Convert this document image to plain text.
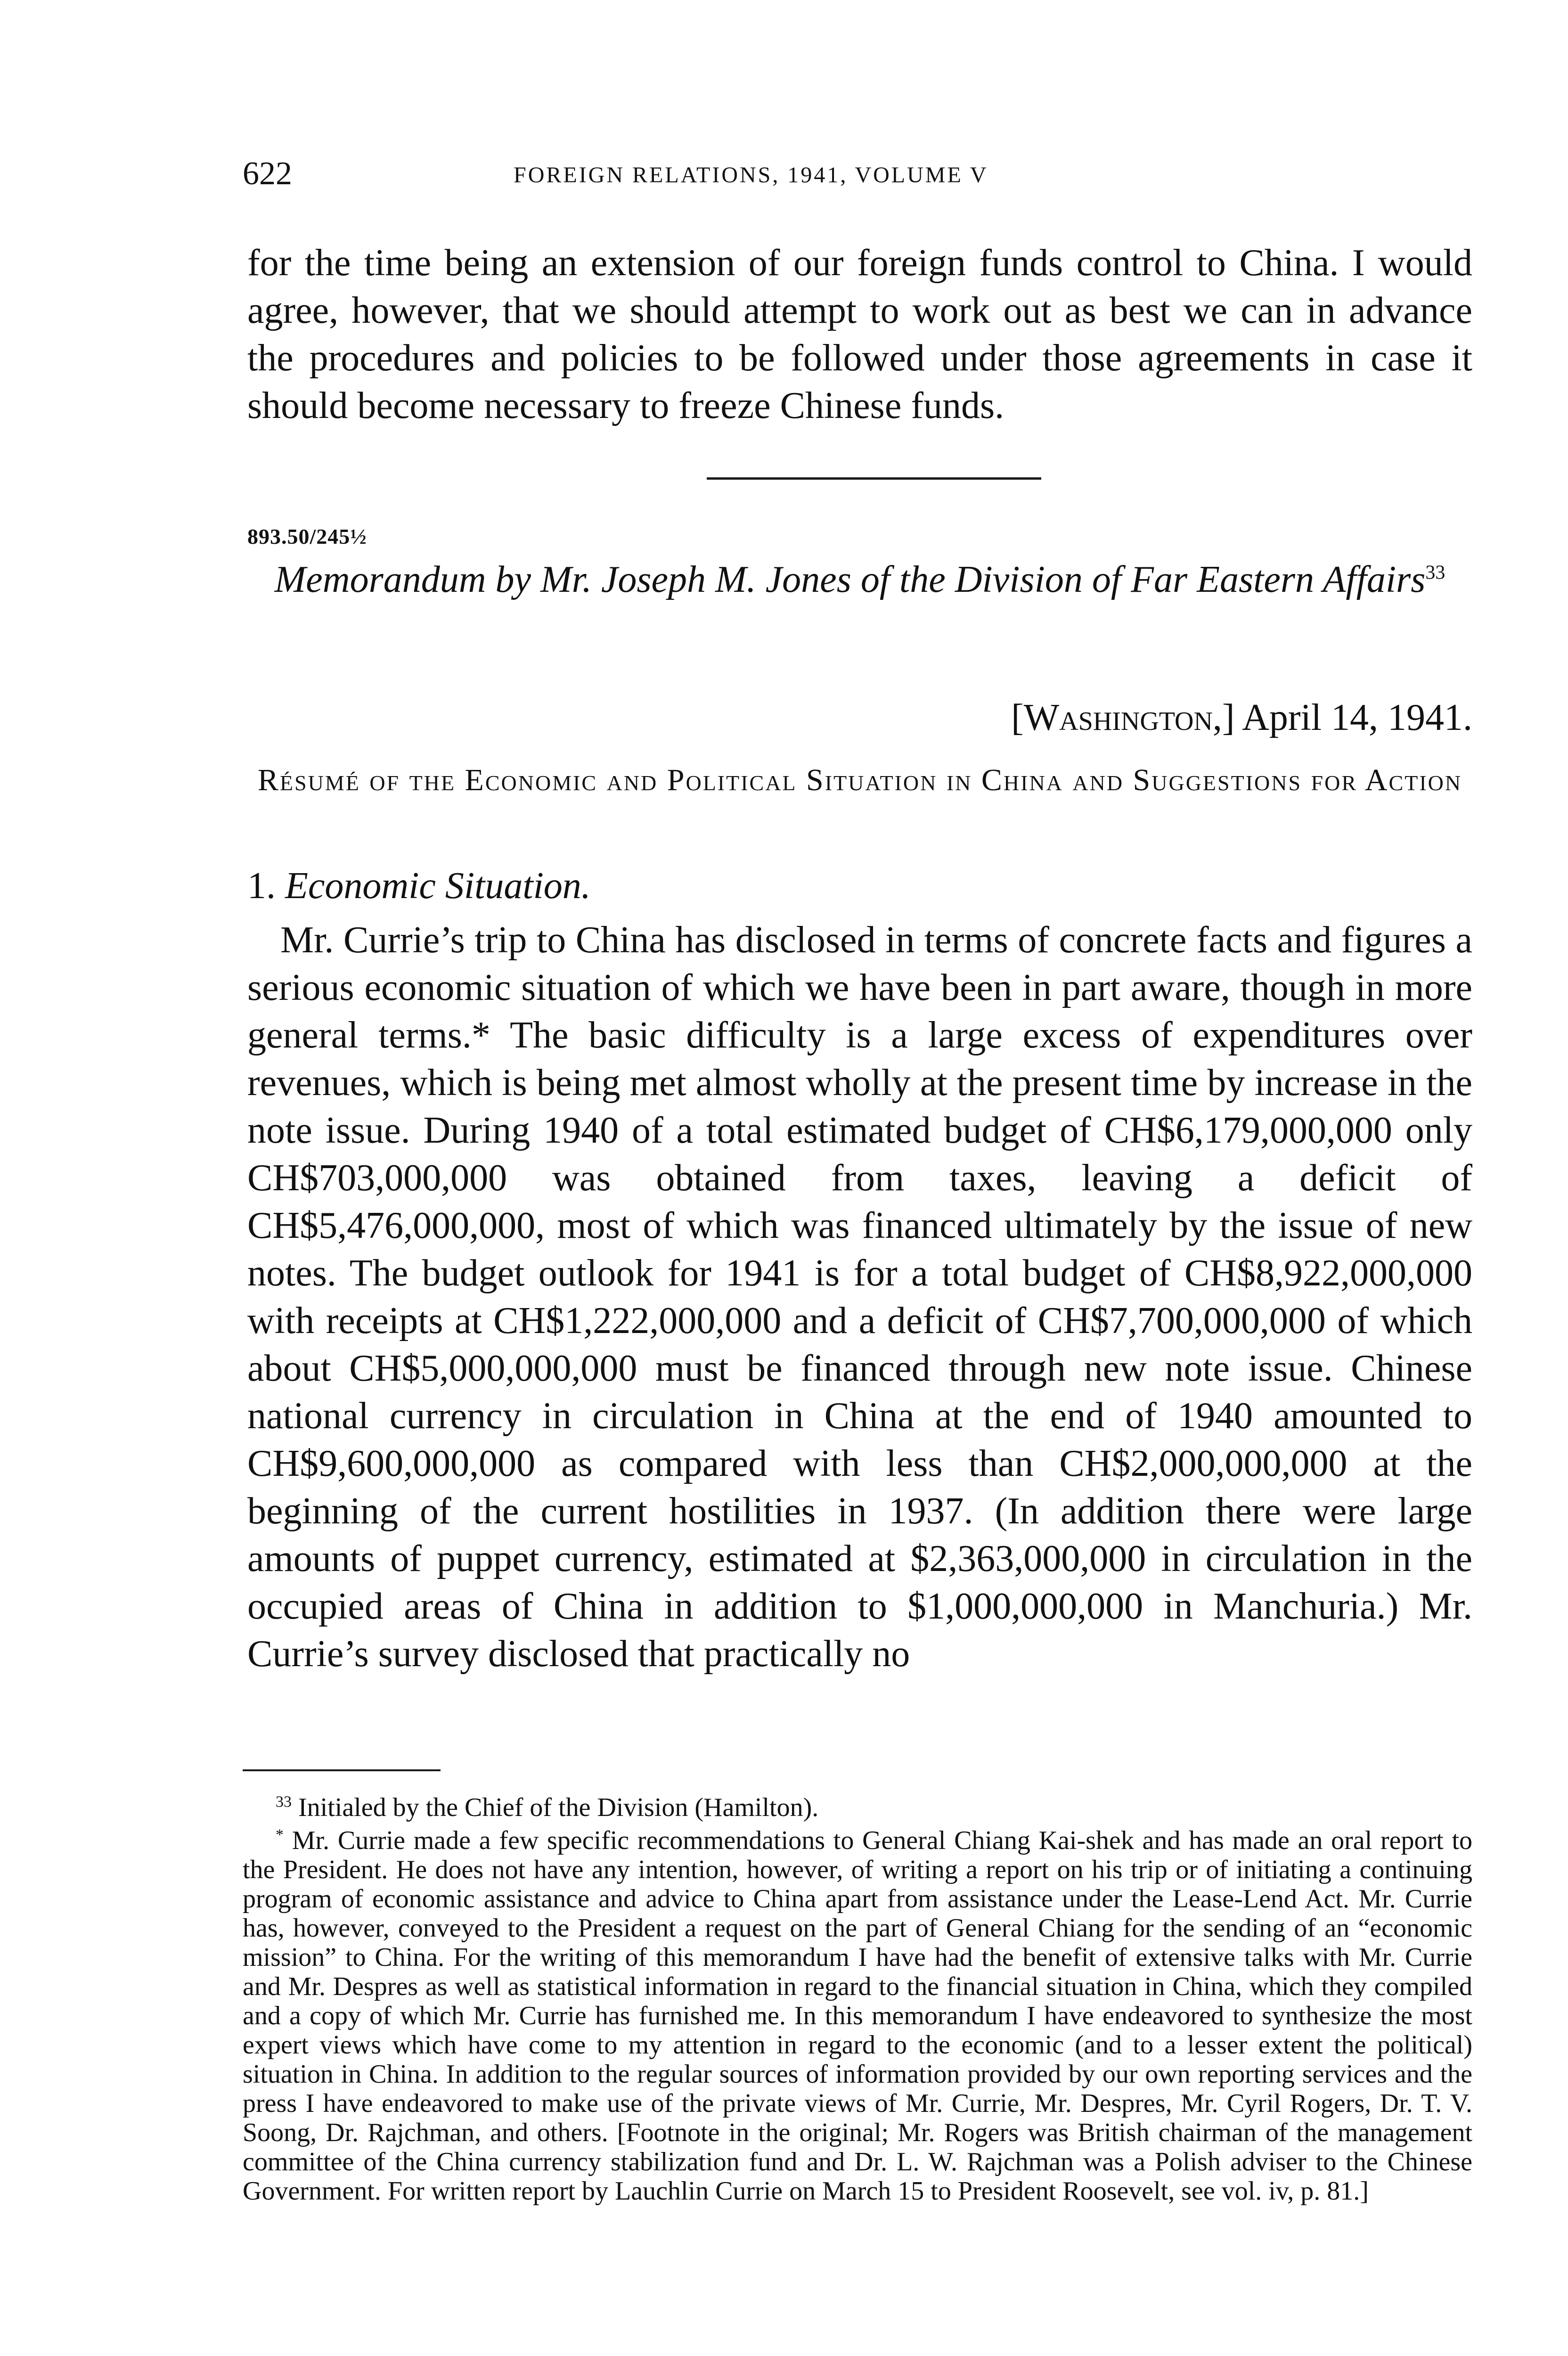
622	FOREIGN RELATIONS, 1941, VOLUME V

for the time being an extension of our foreign funds control to China. I would agree, however, that we should attempt to work out as best we can in advance the procedures and policies to be followed under those agreements in case it should become necessary to freeze Chinese funds.

893.50/245½
Memorandum by Mr. Joseph M. Jones of the Division of Far Eastern Affairs$^{33}$
[Washington,] April 14, 1941.
Résumé of the Economic and Political Situation in China and Suggestions for Action
1. Economic Situation.

Mr. Currie’s trip to China has disclosed in terms of concrete facts and figures a serious economic situation of which we have been in part aware, though in more general terms.* The basic difficulty is a large excess of expenditures over revenues, which is being met almost wholly at the present time by increase in the note issue. During 1940 of a total estimated budget of CH$6,179,000,000 only CH$703,000,000 was obtained from taxes, leaving a deficit of CH$5,476,000,000, most of which was financed ultimately by the issue of new notes. The budget outlook for 1941 is for a total budget of CH$8,922,000,000 with receipts at CH$1,222,000,000 and a deficit of CH$7,700,000,000 of which about CH$5,000,000,000 must be financed through new note issue. Chinese national currency in circulation in China at the end of 1940 amounted to CH$9,600,000,000 as compared with less than CH$2,000,000,000 at the beginning of the current hostilities in 1937. (In addition there were large amounts of puppet currency, estimated at $2,363,000,000 in circulation in the occupied areas of China in addition to $1,000,000,000 in Manchuria.) Mr. Currie’s survey disclosed that practically no

$^{33}$ Initialed by the Chief of the Division (Hamilton).

* Mr. Currie made a few specific recommendations to General Chiang Kai-shek and has made an oral report to the President. He does not have any intention, however, of writing a report on his trip or of initiating a continuing program of economic assistance and advice to China apart from assistance under the Lease-Lend Act. Mr. Currie has, however, conveyed to the President a request on the part of General Chiang for the sending of an “economic mission” to China. For the writing of this memorandum I have had the benefit of extensive talks with Mr. Currie and Mr. Despres as well as statistical information in regard to the financial situation in China, which they compiled and a copy of which Mr. Currie has furnished me. In this memorandum I have endeavored to synthesize the most expert views which have come to my attention in regard to the economic (and to a lesser extent the political) situation in China. In addition to the regular sources of information provided by our own reporting services and the press I have endeavored to make use of the private views of Mr. Currie, Mr. Despres, Mr. Cyril Rogers, Dr. T. V. Soong, Dr. Rajchman, and others. [Footnote in the original; Mr. Rogers was British chairman of the management committee of the China currency stabilization fund and Dr. L. W. Rajchman was a Polish adviser to the Chinese Government. For written report by Lauchlin Currie on March 15 to President Roosevelt, see vol. iv, p. 81.]
